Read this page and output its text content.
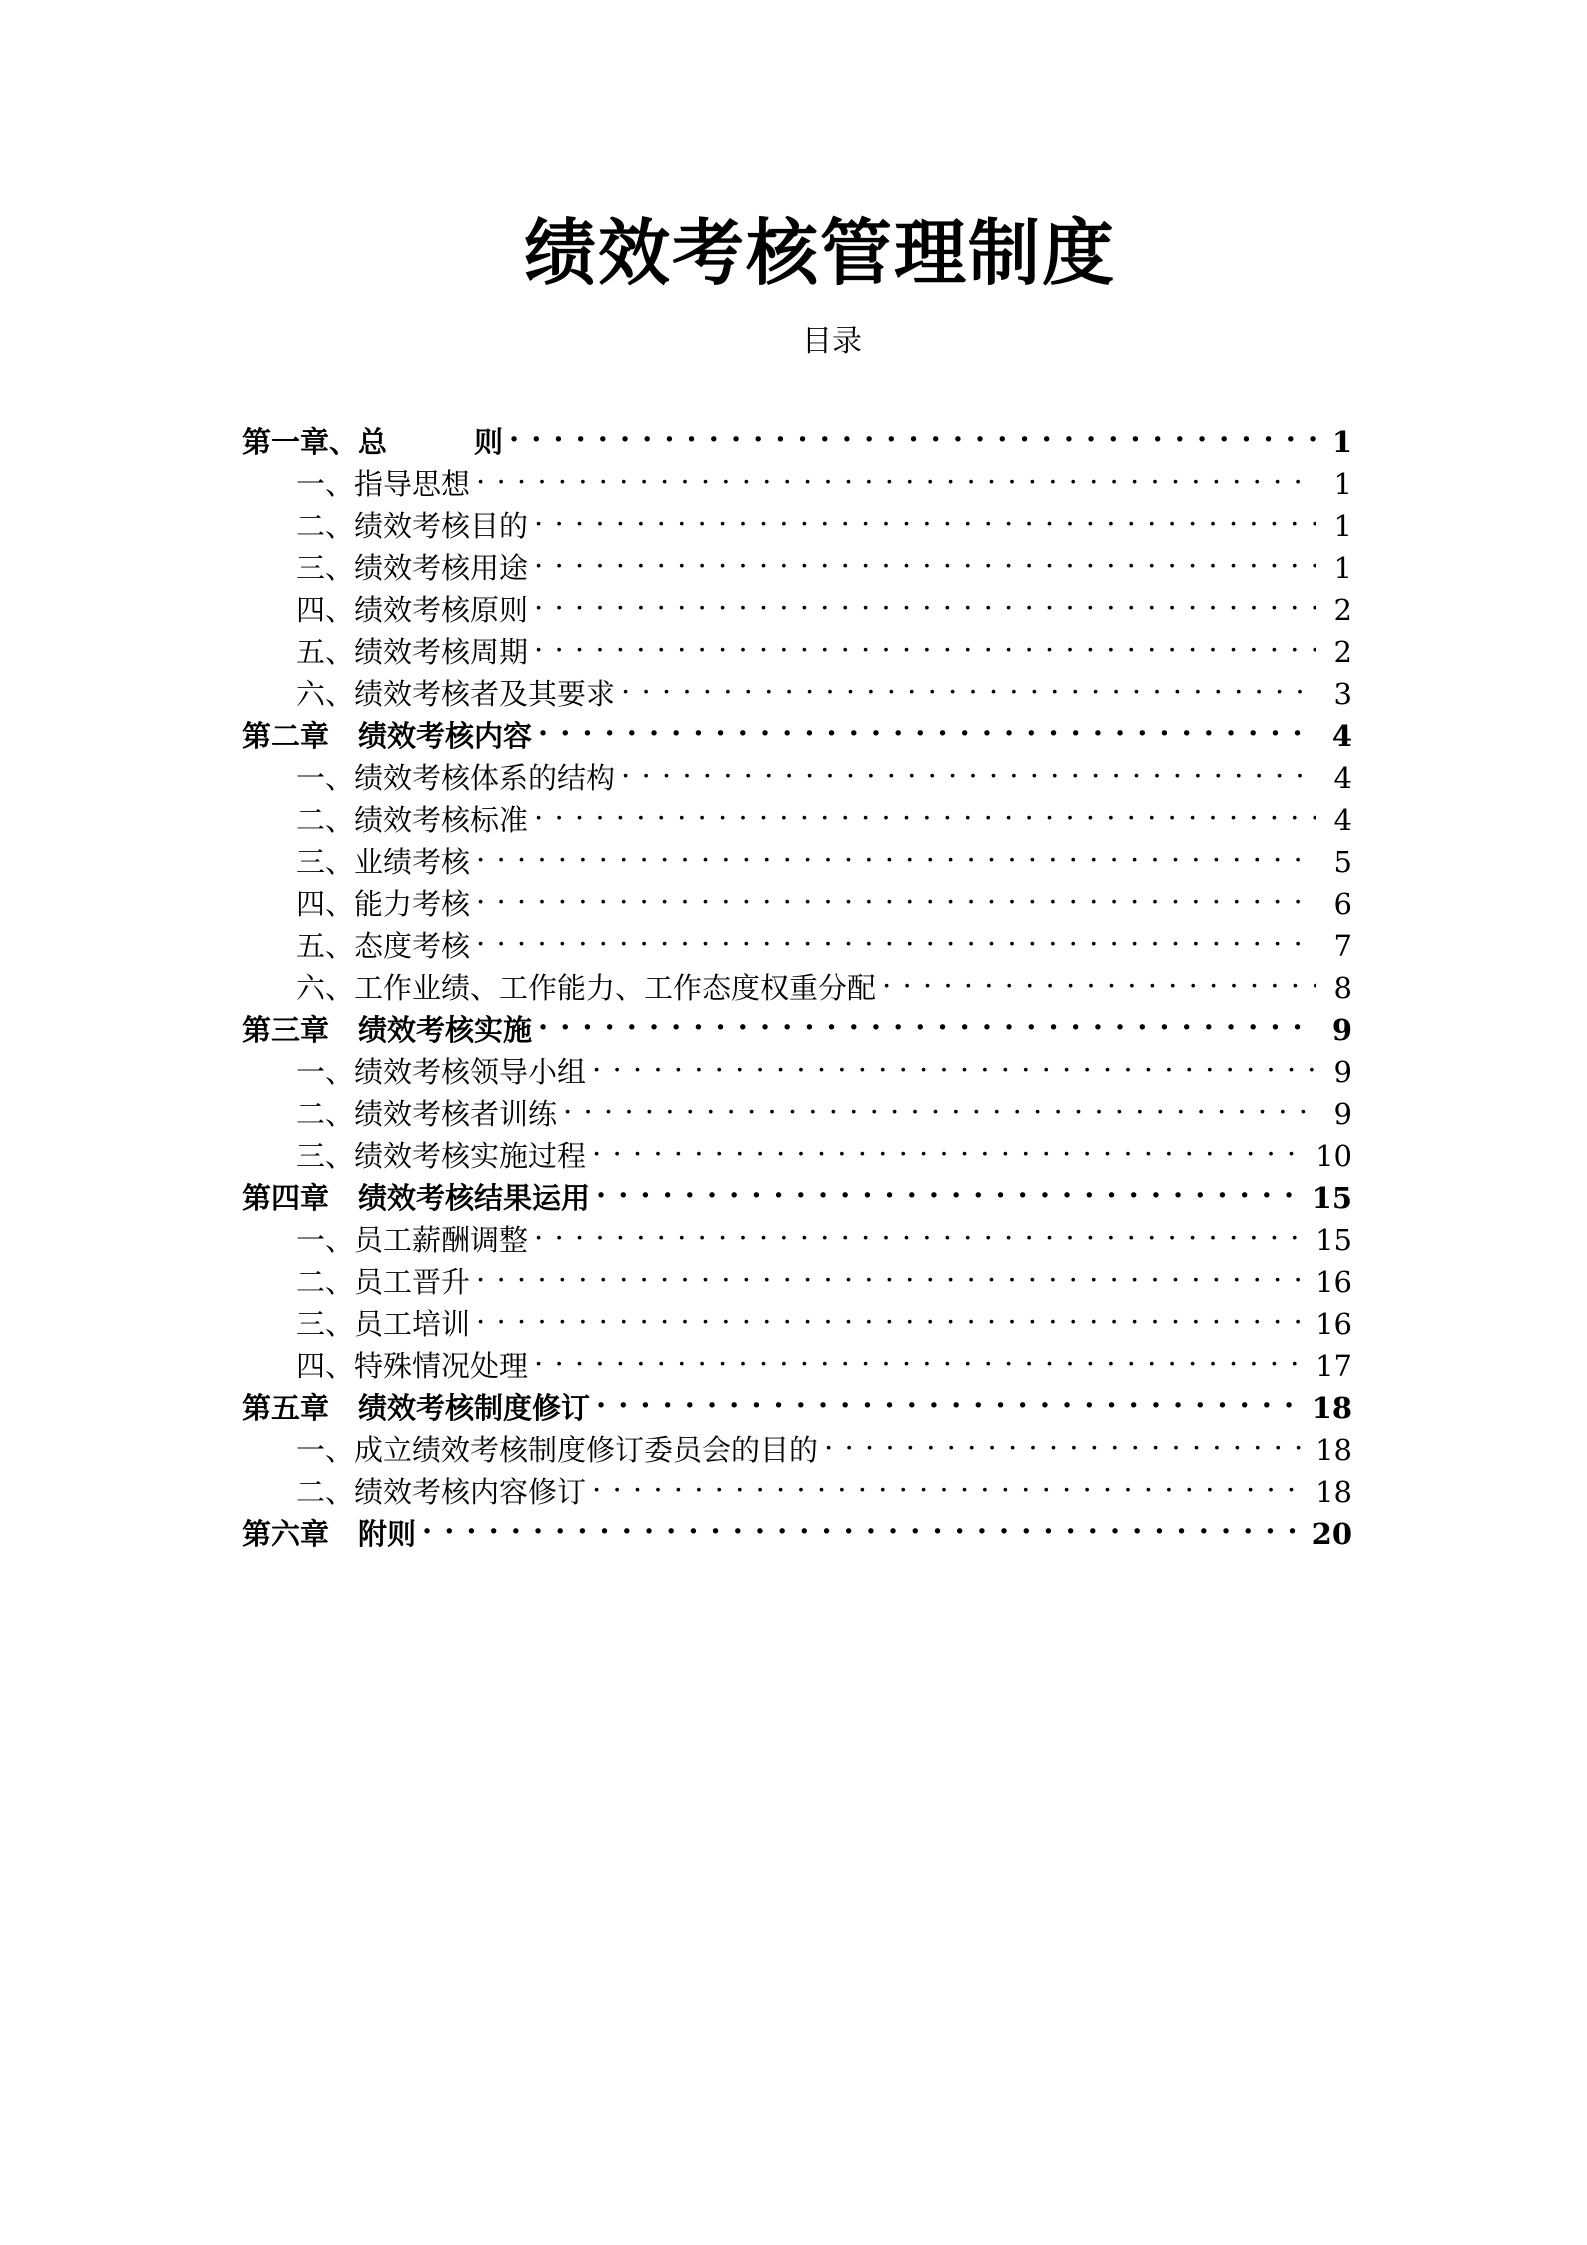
绩效考核管理制度
目录
第一章、总　　　则 . . .	1
一、指导思想 . . .	1
二、绩效考核目的 . . .	1
三、绩效考核用途 . . .	1
四、绩效考核原则 . . .	2
五、绩效考核周期 . . .	2
六、绩效考核者及其要求 . . .	3
第二章　绩效考核内容 . . .	4
一、绩效考核体系的结构 . . .	4
二、绩效考核标准 . . .	4
三、业绩考核 . . .	5
四、能力考核 . . .	6
五、态度考核 . . .	7
六、工作业绩、工作能力、工作态度权重分配 . . .	8
第三章　绩效考核实施 . . .	9
一、绩效考核领导小组 . . .	9
二、绩效考核者训练 . . .	9
三、绩效考核实施过程 . . .	10
第四章　绩效考核结果运用 . . .	15
一、员工薪酬调整 . . .	15
二、员工晋升 . . .	16
三、员工培训 . . .	16
四、特殊情况处理 . . .	17
第五章　绩效考核制度修订 . . .	18
一、成立绩效考核制度修订委员会的目的 . . .	18
二、绩效考核内容修订 . . .	18
第六章　附则 . . .	20
